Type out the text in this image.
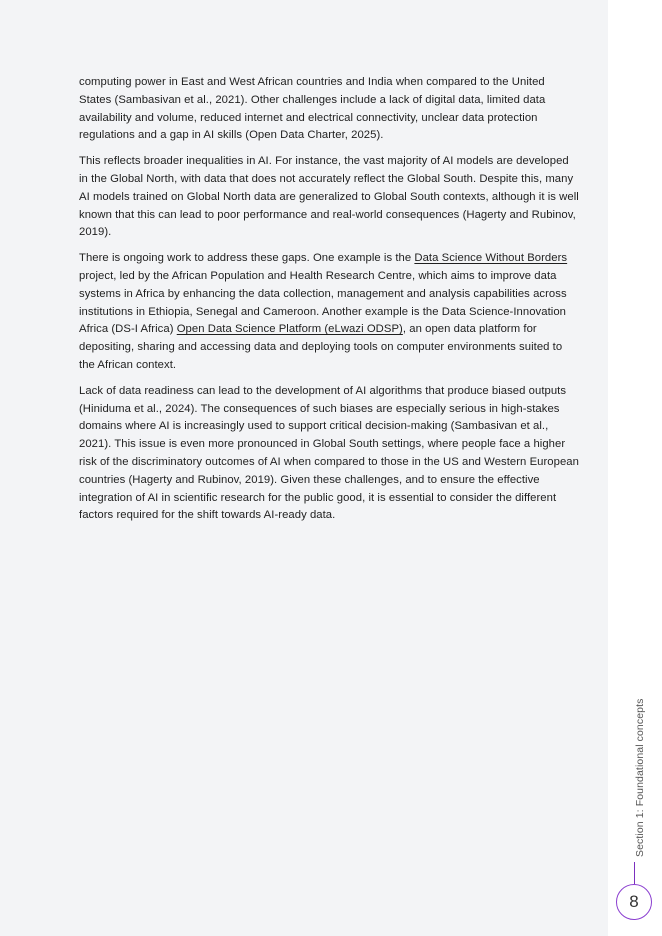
computing power in East and West African countries and India when compared to the United States (Sambasivan et al., 2021). Other challenges include a lack of digital data, limited data availability and volume, reduced internet and electrical connectivity, unclear data protection regulations and a gap in AI skills (Open Data Charter, 2025).

This reflects broader inequalities in AI. For instance, the vast majority of AI models are developed in the Global North, with data that does not accurately reflect the Global South. Despite this, many AI models trained on Global North data are generalized to Global South contexts, although it is well known that this can lead to poor performance and real-world consequences (Hagerty and Rubinov, 2019).

There is ongoing work to address these gaps. One example is the Data Science Without Borders project, led by the African Population and Health Research Centre, which aims to improve data systems in Africa by enhancing the data collection, management and analysis capabilities across institutions in Ethiopia, Senegal and Cameroon. Another example is the Data Science-Innovation Africa (DS-I Africa) Open Data Science Platform (eLwazi ODSP), an open data platform for depositing, sharing and accessing data and deploying tools on computer environments suited to the African context.

Lack of data readiness can lead to the development of AI algorithms that produce biased outputs (Hiniduma et al., 2024). The consequences of such biases are especially serious in high-stakes domains where AI is increasingly used to support critical decision-making (Sambasivan et al., 2021). This issue is even more pronounced in Global South settings, where people face a higher risk of the discriminatory outcomes of AI when compared to those in the US and Western European countries (Hagerty and Rubinov, 2019). Given these challenges, and to ensure the effective integration of AI in scientific research for the public good, it is essential to consider the different factors required for the shift towards AI-ready data.

Section 1: Foundational concepts
8
